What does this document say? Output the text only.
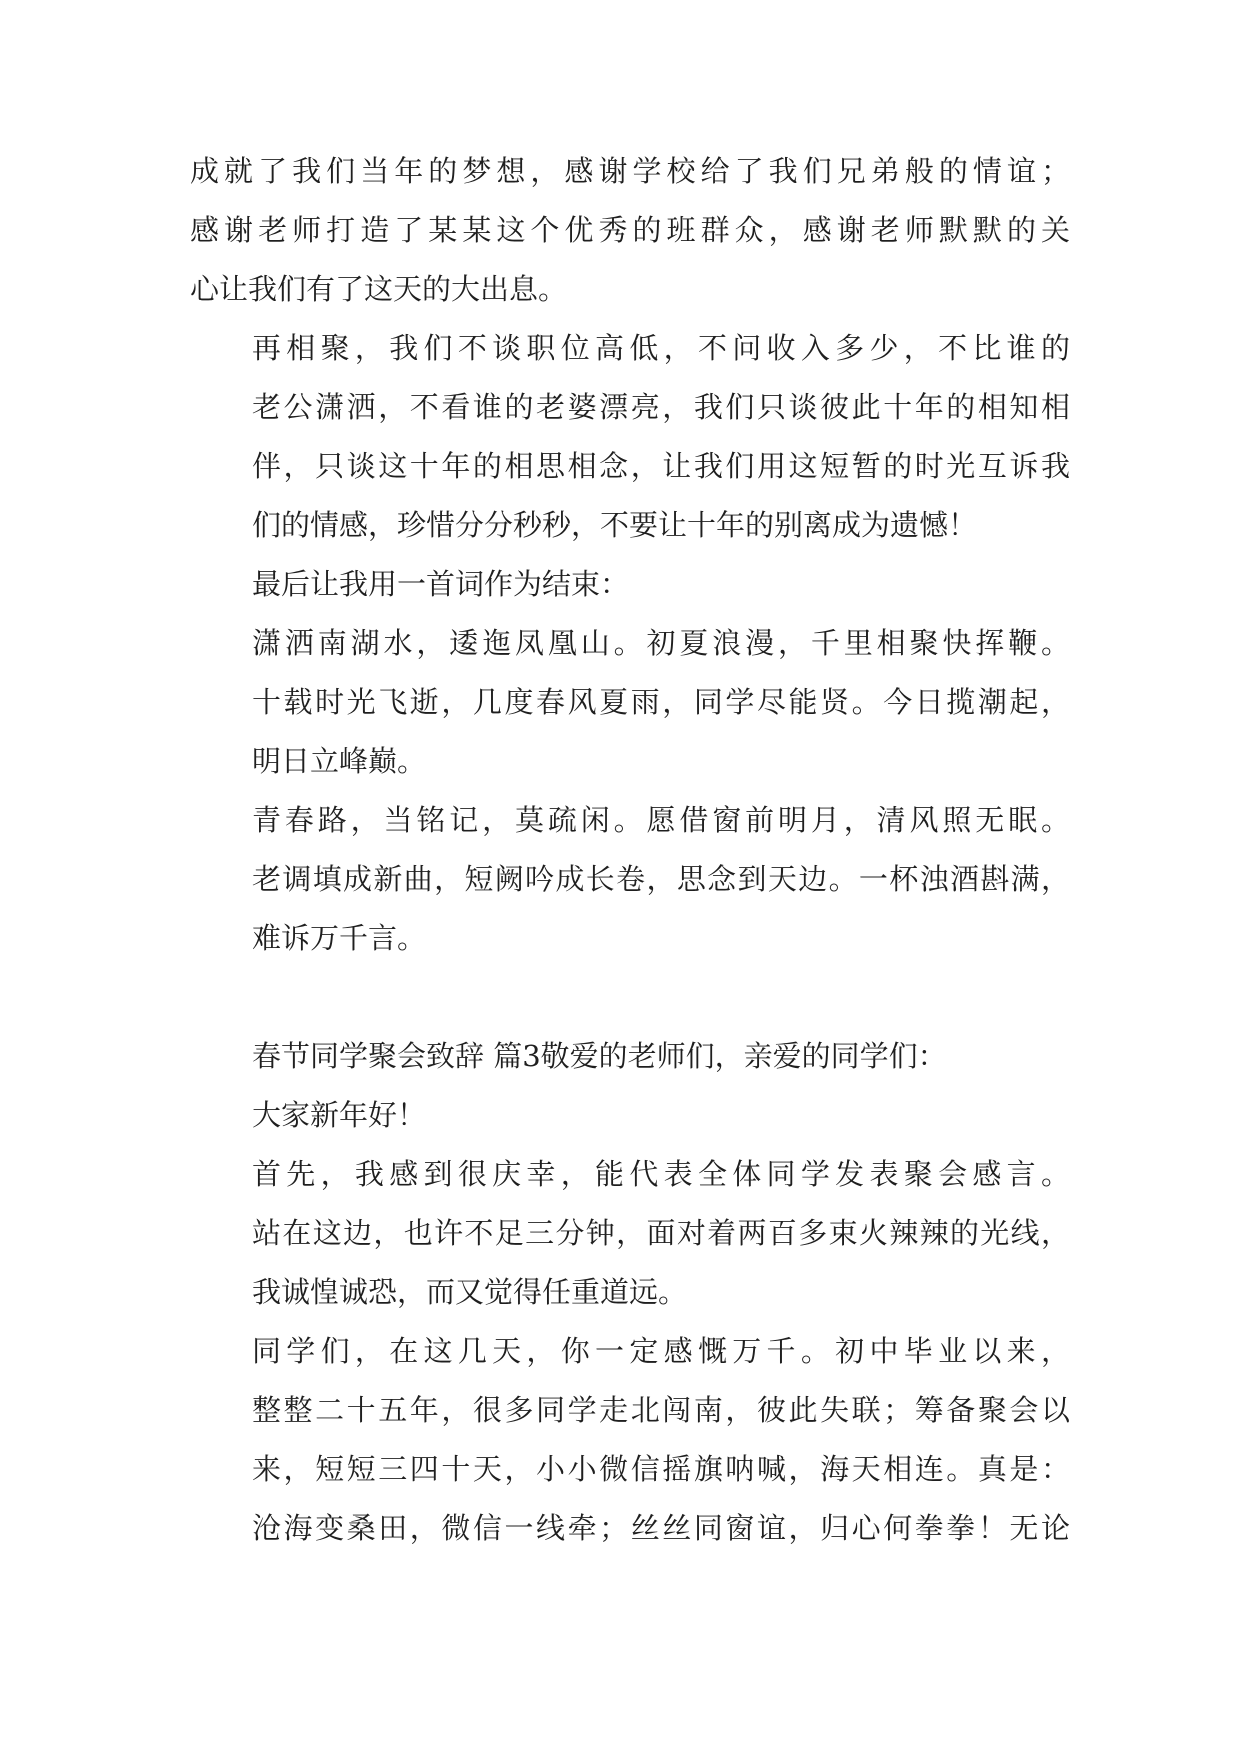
成就了我们当年的梦想，感谢学校给了我们兄弟般的情谊；
感谢老师打造了某某这个优秀的班群众，感谢老师默默的关
心让我们有了这天的大出息。

再相聚，我们不谈职位高低，不问收入多少，不比谁的
老公潇洒，不看谁的老婆漂亮，我们只谈彼此十年的相知相
伴，只谈这十年的相思相念，让我们用这短暂的时光互诉我
们的情感，珍惜分分秒秒，不要让十年的别离成为遗憾！

最后让我用一首词作为结束：

潇洒南湖水，逶迤凤凰山。初夏浪漫，千里相聚快挥鞭。
十载时光飞逝，几度春风夏雨，同学尽能贤。今日揽潮起，
明日立峰巅。

青春路，当铭记，莫疏闲。愿借窗前明月，清风照无眠。
老调填成新曲，短阙吟成长卷，思念到天边。一杯浊酒斟满，
难诉万千言。

春节同学聚会致辞 篇3敬爱的老师们，亲爱的同学们：

大家新年好！

首先，我感到很庆幸，能代表全体同学发表聚会感言。
站在这边，也许不足三分钟，面对着两百多束火辣辣的光线，
我诚惶诚恐，而又觉得任重道远。

同学们，在这几天，你一定感慨万千。初中毕业以来，
整整二十五年，很多同学走北闯南，彼此失联；筹备聚会以
来，短短三四十天，小小微信摇旗呐喊，海天相连。真是：
沧海变桑田，微信一线牵；丝丝同窗谊，归心何拳拳！无论
